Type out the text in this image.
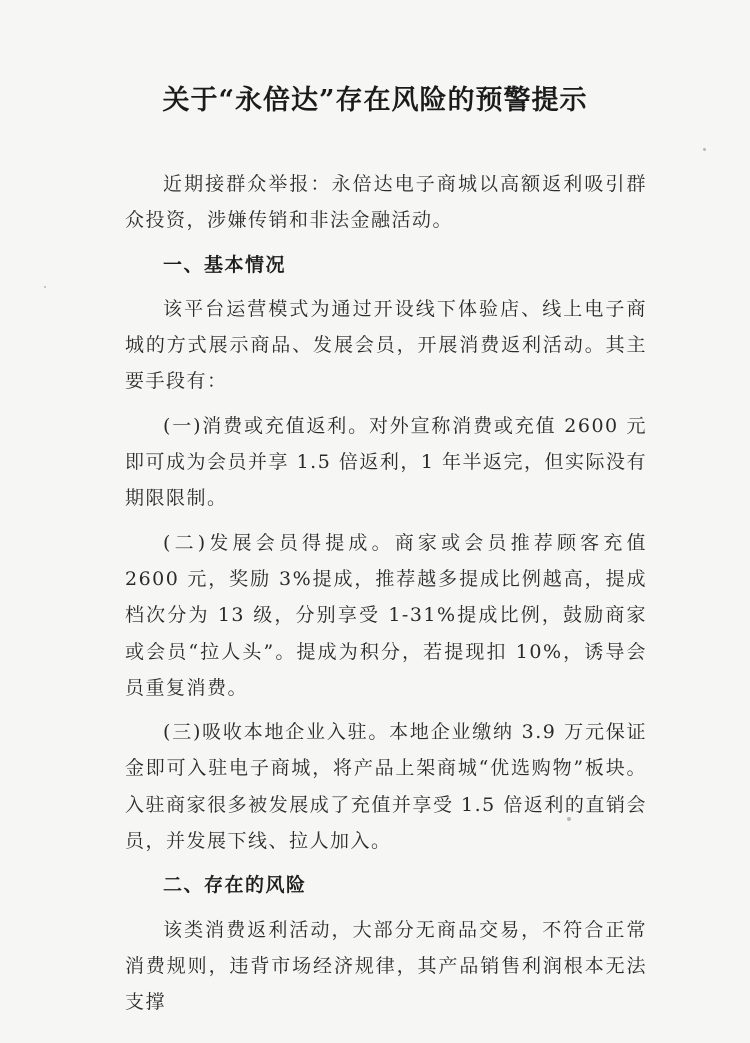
关于“永倍达”存在风险的预警提示

近期接群众举报：永倍达电子商城以高额返利吸引群众投资，涉嫌传销和非法金融活动。

一、基本情况

该平台运营模式为通过开设线下体验店、线上电子商城的方式展示商品、发展会员，开展消费返利活动。其主要手段有：

(一)消费或充值返利。对外宣称消费或充值 2600 元即可成为会员并享 1.5 倍返利，1 年半返完，但实际没有期限限制。

(二)发展会员得提成。商家或会员推荐顾客充值 2600 元，奖励 3%提成，推荐越多提成比例越高，提成档次分为 13 级，分别享受 1-31%提成比例，鼓励商家或会员“拉人头”。提成为积分，若提现扣 10%，诱导会员重复消费。

(三)吸收本地企业入驻。本地企业缴纳 3.9 万元保证金即可入驻电子商城，将产品上架商城“优选购物”板块。入驻商家很多被发展成了充值并享受 1.5 倍返利的直销会员，并发展下线、拉人加入。

二、存在的风险

该类消费返利活动，大部分无商品交易，不符合正常消费规则，违背市场经济规律，其产品销售利润根本无法支撑
